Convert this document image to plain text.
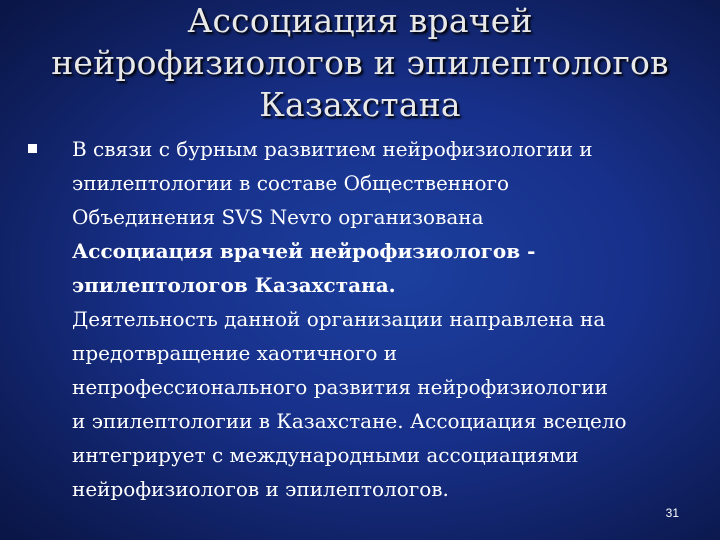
Ассоциация врачей
нейрофизиологов и эпилептологов
Казахстана
В связи с бурным развитием нейрофизиологии и
эпилептологии в составе Общественного
Объединения SVS Nevro организована
Ассоциация врачей нейрофизиологов -
эпилептологов Казахстана.
Деятельность данной организации направлена на
предотвращение хаотичного и
непрофессионального развития нейрофизиологии
и эпилептологии в Казахстане. Ассоциация всецело
интегрирует с международными ассоциациями
нейрофизиологов и эпилептологов.
31
